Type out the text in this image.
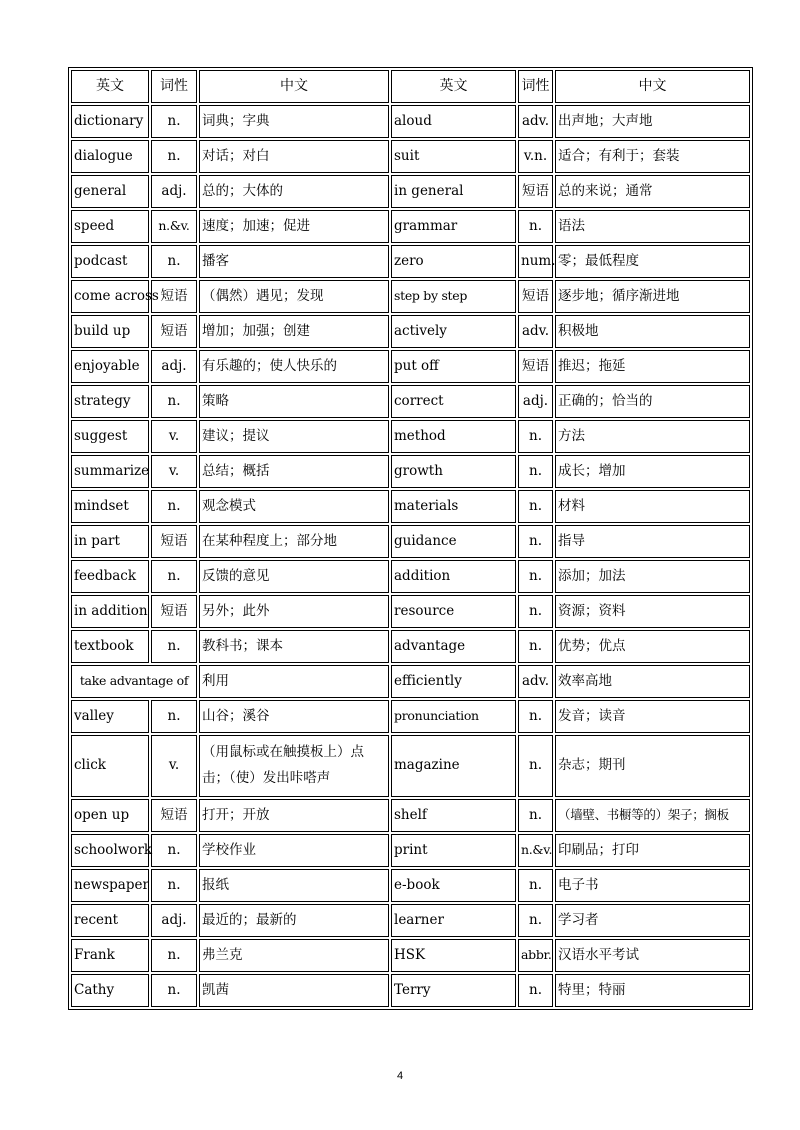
英文	词性	中文	英文	词性	中文
dictionary	n.	词典；字典	aloud	adv.	出声地；大声地
dialogue	n.	对话；对白	suit	v.n.	适合；有利于；套装
general	adj.	总的；大体的	in general	短语	总的来说；通常
speed	n.&v.	速度；加速；促进	grammar	n.	语法
podcast	n.	播客	zero	num.	零；最低程度
come across	短语	（偶然）遇见；发现	step by step	短语	逐步地；循序渐进地
build up	短语	增加；加强；创建	actively	adv.	积极地
enjoyable	adj.	有乐趣的；使人快乐的	put off	短语	推迟；拖延
strategy	n.	策略	correct	adj.	正确的；恰当的
suggest	v.	建议；提议	method	n.	方法
summarize	v.	总结；概括	growth	n.	成长；增加
mindset	n.	观念模式	materials	n.	材料
in part	短语	在某种程度上；部分地	guidance	n.	指导
feedback	n.	反馈的意见	addition	n.	添加；加法
in addition	短语	另外；此外	resource	n.	资源；资料
textbook	n.	教科书；课本	advantage	n.	优势；优点
take advantage of		利用	efficiently	adv.	效率高地
valley	n.	山谷；溪谷	pronunciation	n.	发音；读音
click	v.	（用鼠标或在触摸板上）点击；（使）发出咔嗒声	magazine	n.	杂志；期刊
open up	短语	打开；开放	shelf	n.	（墙壁、书橱等的）架子；搁板
schoolwork	n.	学校作业	print	n.&v.	印刷品；打印
newspaper	n.	报纸	e-book	n.	电子书
recent	adj.	最近的；最新的	learner	n.	学习者
Frank	n.	弗兰克	HSK	abbr.	汉语水平考试
Cathy	n.	凯茜	Terry	n.	特里；特丽
4
